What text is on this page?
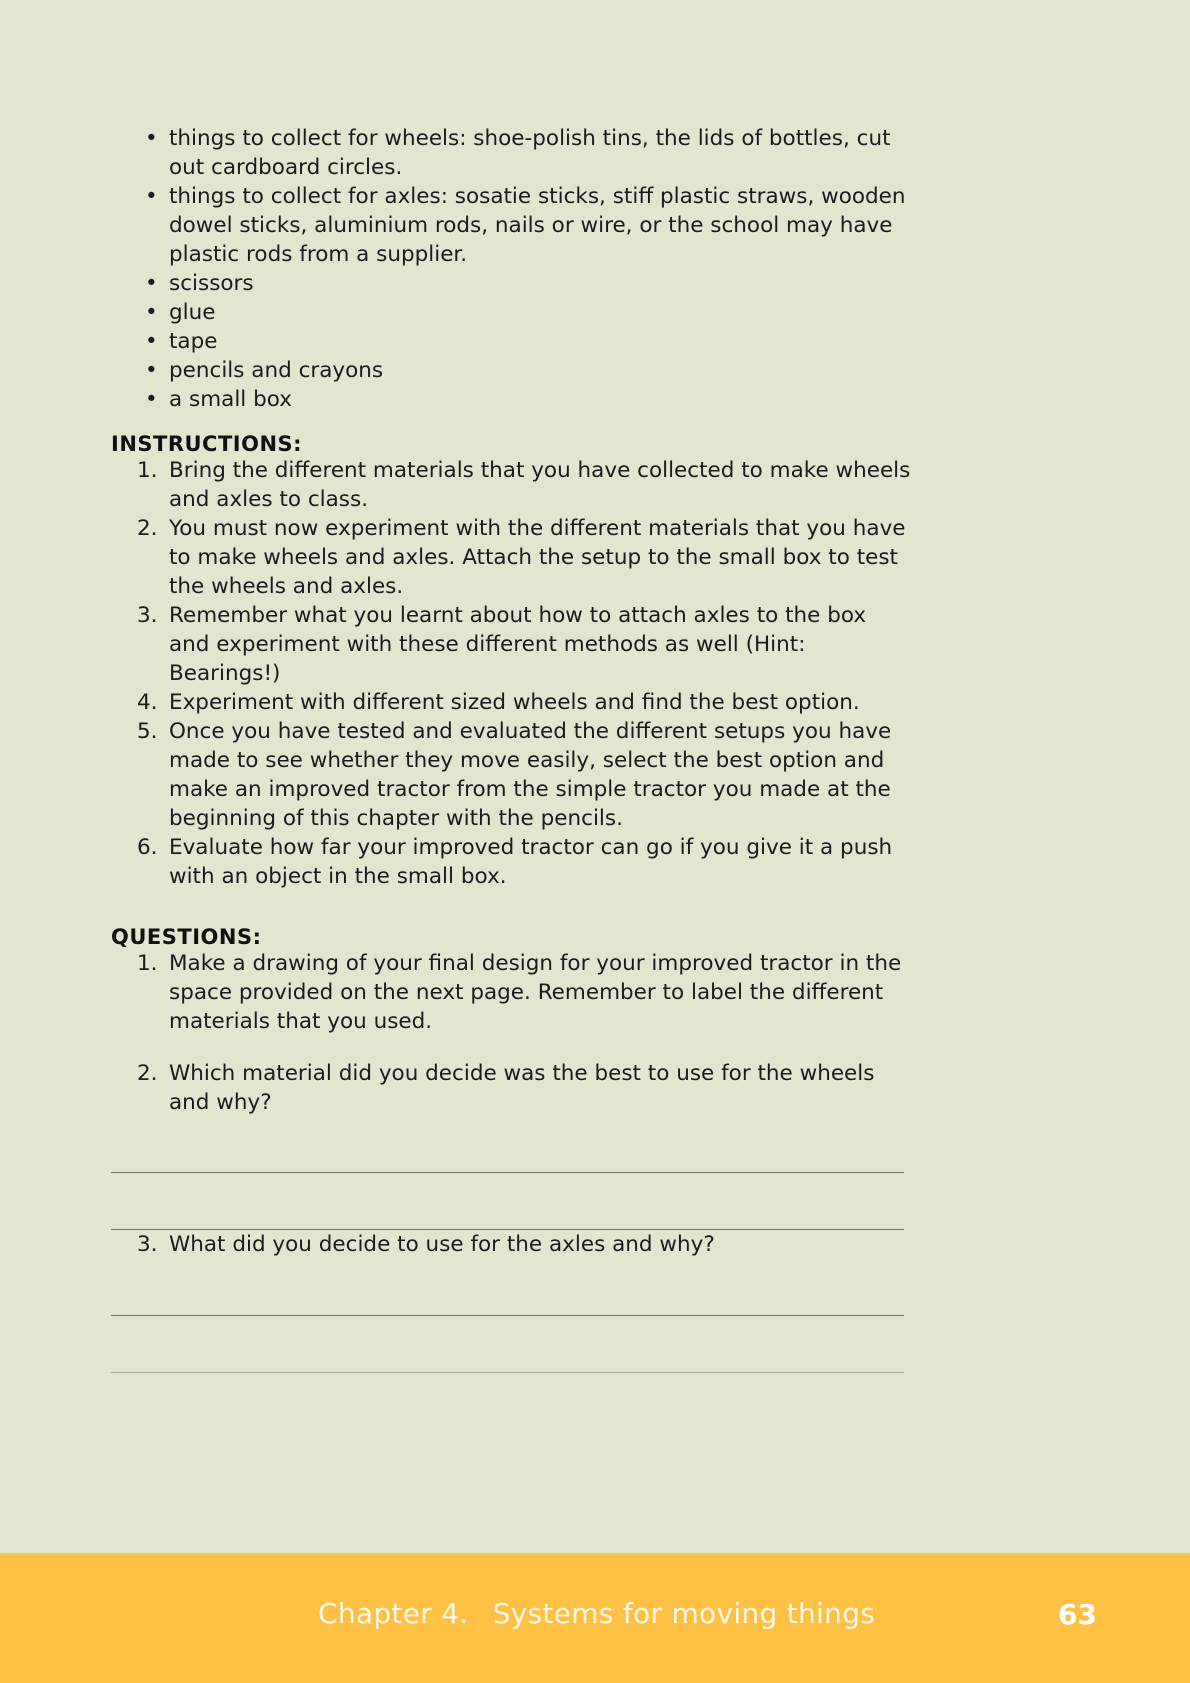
• things to collect for wheels: shoe-polish tins, the lids of bottles, cut out cardboard circles.
• things to collect for axles: sosatie sticks, stiff plastic straws, wooden dowel sticks, aluminium rods, nails or wire, or the school may have plastic rods from a supplier.
• scissors
• glue
• tape
• pencils and crayons
• a small box
INSTRUCTIONS:
1. Bring the different materials that you have collected to make wheels and axles to class.
2. You must now experiment with the different materials that you have to make wheels and axles. Attach the setup to the small box to test the wheels and axles.
3. Remember what you learnt about how to attach axles to the box and experiment with these different methods as well (Hint: Bearings!)
4. Experiment with different sized wheels and find the best option.
5. Once you have tested and evaluated the different setups you have made to see whether they move easily, select the best option and make an improved tractor from the simple tractor you made at the beginning of this chapter with the pencils.
6. Evaluate how far your improved tractor can go if you give it a push with an object in the small box.
QUESTIONS:
1. Make a drawing of your final design for your improved tractor in the space provided on the next page. Remember to label the different materials that you used.
2. Which material did you decide was the best to use for the wheels and why?
3. What did you decide to use for the axles and why?
Chapter 4. Systems for moving things	63
